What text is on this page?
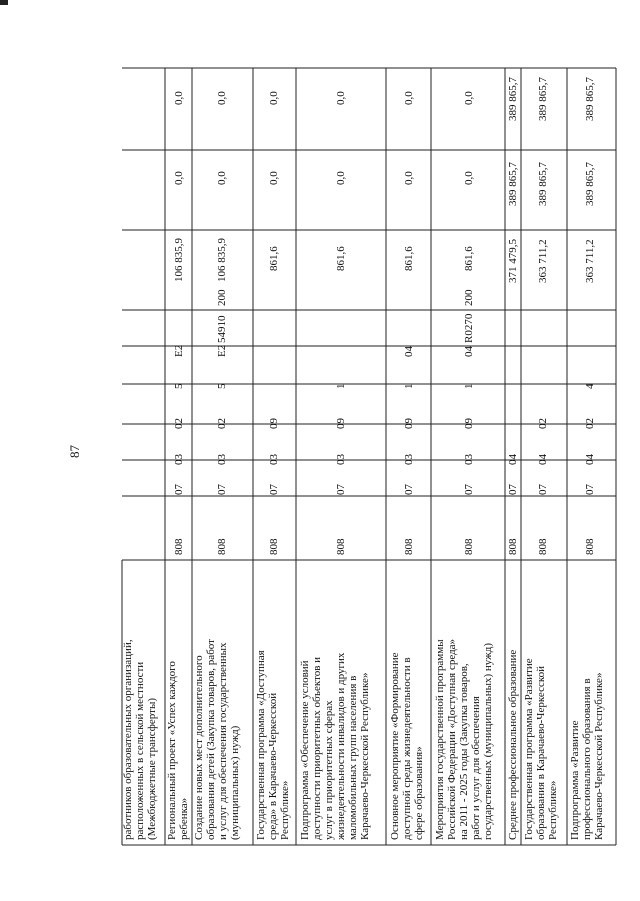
87
работников образовательных организаций, расположенных в сельской местности (Межбюджетные трансферты) Региональный проект «Успех каждого ребенка»
808
07
03
02
5
E2
106 835,9
0,0
0,0
Создание новых мест дополнительного образования детей (Закупка товаров, работ и услуг для обеспечения государственных (муниципальных) нужд)
808
07
03
02
5
E2
54910
200
106 835,9
0,0
0,0
Государственная программа «Доступная среда» в Карачаево-Черкесской Республике»
808
07
03
09
861,6
0,0
0,0
Подпрограмма «Обеспечение условий доступности приоритетных объектов и услуг в приоритетных сферах жизнедеятельности инвалидов и других маломобильных групп населения в Карачаево-Черкесской Республике»
808
07
03
09
1
861,6
0,0
0,0
Основное мероприятие «Формирование доступной среды жизнедеятельности в сфере образования»
808
07
03
09
1
04
861,6
0,0
0,0
Мероприятия государственной программы Российской Федерации «Доступная среда» на 2011 - 2025 годы (Закупка товаров, работ и услуг для обеспечения государственных (муниципальных) нужд)
808
07
03
09
1
04
R0270
200
861,6
0,0
0,0
Среднее профессиональное образование
808
07
04
371 479,5
389 865,7
389 865,7
Государственная программа «Развитие образования в Карачаево-Черкесской Республике»
808
07
04
02
363 711,2
389 865,7
389 865,7
Подпрограмма «Развитие профессионального образования в Карачаево-Черкесской Республике»
808
07
04
02
4
363 711,2
389 865,7
389 865,7
